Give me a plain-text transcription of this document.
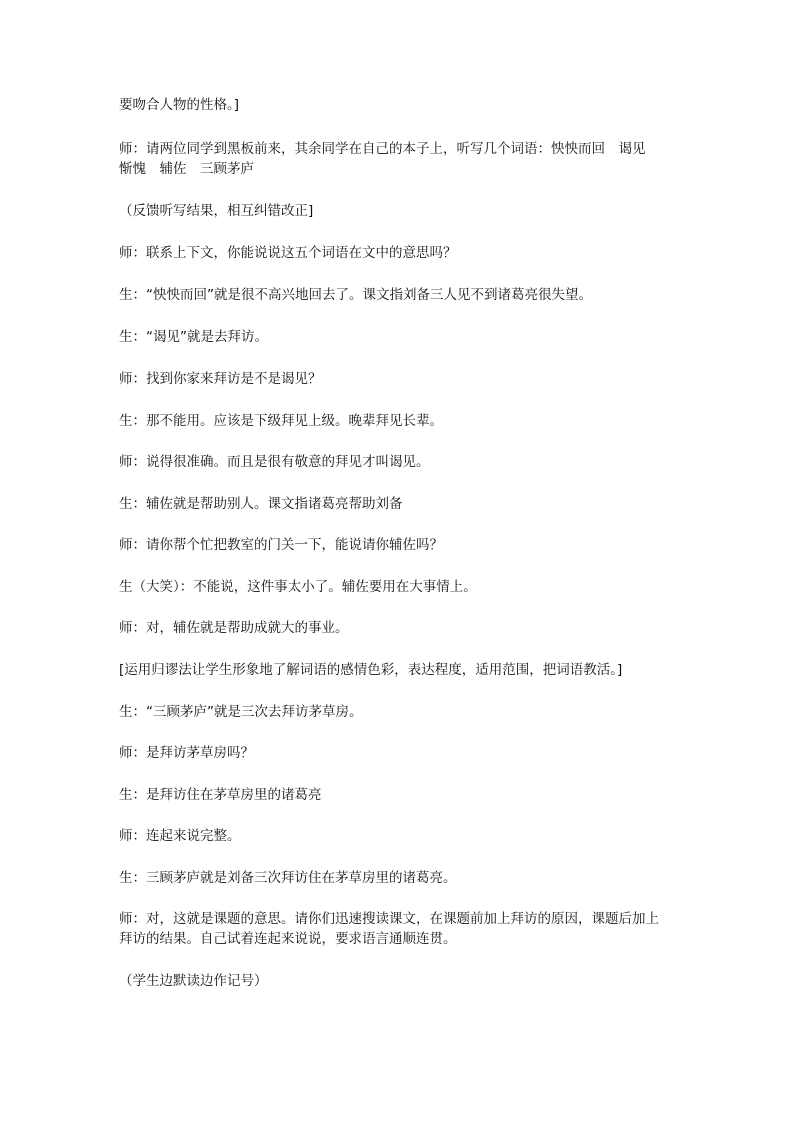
要吻合人物的性格。]

师：请两位同学到黑板前来，其余同学在自己的本子上，听写几个词语：怏怏而回　谒见
惭愧　辅佐　三顾茅庐

（反馈听写结果，相互纠错改正]

师：联系上下文，你能说说这五个词语在文中的意思吗？

生：“怏怏而回”就是很不高兴地回去了。课文指刘备三人见不到诸葛亮很失望。

生：“谒见”就是去拜访。

师：找到你家来拜访是不是谒见？

生：那不能用。应该是下级拜见上级。晚辈拜见长辈。

师：说得很准确。而且是很有敬意的拜见才叫谒见。

生：辅佐就是帮助别人。课文指诸葛亮帮助刘备

师：请你帮个忙把教室的门关一下，能说请你辅佐吗？

生（大笑）：不能说，这件事太小了。辅佐要用在大事情上。

师：对，辅佐就是帮助成就大的事业。

[运用归谬法让学生形象地了解词语的感情色彩，表达程度，适用范围，把词语教活。]

生：“三顾茅庐”就是三次去拜访茅草房。

师：是拜访茅草房吗？

生：是拜访住在茅草房里的诸葛亮

师：连起来说完整。

生：三顾茅庐就是刘备三次拜访住在茅草房里的诸葛亮。

师：对，这就是课题的意思。请你们迅速搜读课文，在课题前加上拜访的原因，课题后加上
拜访的结果。自己试着连起来说说，要求语言通顺连贯。

（学生边默读边作记号）
